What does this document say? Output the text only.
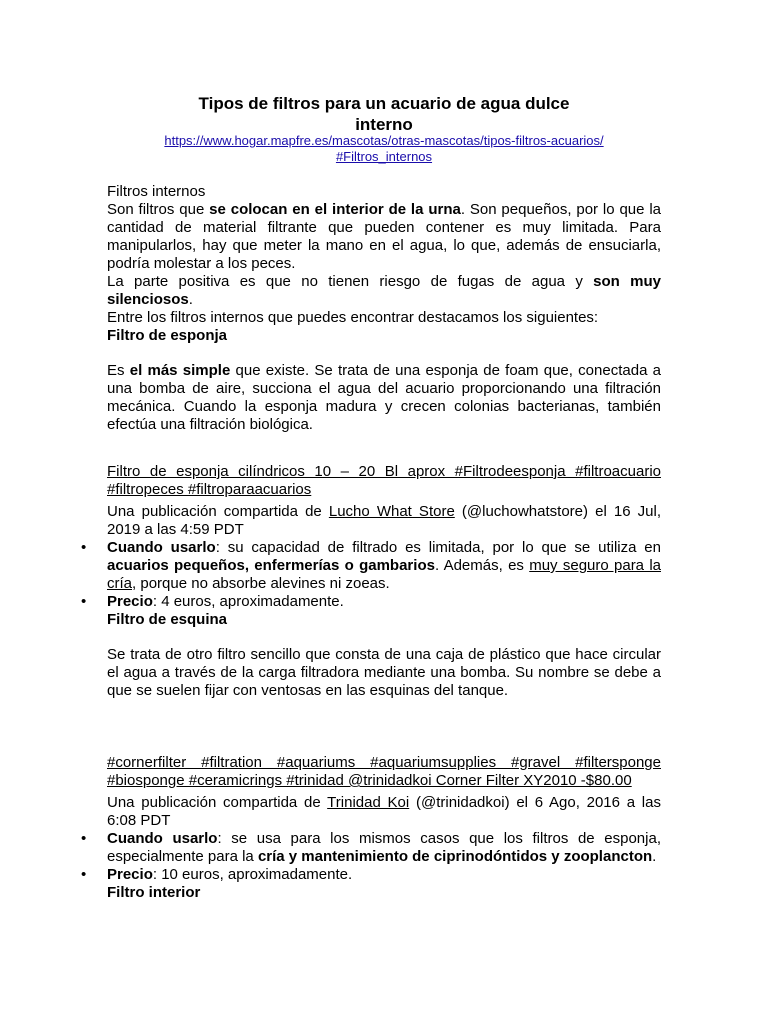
Tipos de filtros para un acuario de agua dulce
interno
https://www.hogar.mapfre.es/mascotas/otras-mascotas/tipos-filtros-acuarios/
#Filtros_internos

Filtros internos

Son filtros que se colocan en el interior de la urna. Son pequeños, por lo que la cantidad de material filtrante que pueden contener es muy limitada. Para manipularlos, hay que meter la mano en el agua, lo que, además de ensuciarla, podría molestar a los peces.

La parte positiva es que no tienen riesgo de fugas de agua y son muy silenciosos.

Entre los filtros internos que puedes encontrar destacamos los siguientes:

Filtro de esponja

Es el más simple que existe. Se trata de una esponja de foam que, conectada a una bomba de aire, succiona el agua del acuario proporcionando una filtración mecánica. Cuando la esponja madura y crecen colonias bacterianas, también efectúa una filtración biológica.

Filtro de esponja cilíndricos 10 – 20 Bl aprox #Filtrodeesponja #filtroacuario #filtropeces #filtroparaacuarios

Una publicación compartida de Lucho What Store (@luchowhatstore) el 16 Jul, 2019 a las 4:59 PDT

• Cuando usarlo: su capacidad de filtrado es limitada, por lo que se utiliza en acuarios pequeños, enfermerías o gambarios. Además, es muy seguro para la cría, porque no absorbe alevines ni zoeas.
• Precio: 4 euros, aproximadamente.

Filtro de esquina

Se trata de otro filtro sencillo que consta de una caja de plástico que hace circular el agua a través de la carga filtradora mediante una bomba. Su nombre se debe a que se suelen fijar con ventosas en las esquinas del tanque.

#cornerfilter #filtration #aquariums #aquariumsupplies #gravel #filtersponge #biosponge #ceramicrings #trinidad @trinidadkoi Corner Filter XY2010 -$80.00

Una publicación compartida de Trinidad Koi (@trinidadkoi) el 6 Ago, 2016 a las 6:08 PDT

• Cuando usarlo: se usa para los mismos casos que los filtros de esponja, especialmente para la cría y mantenimiento de ciprinodóntidos y zooplancton.
• Precio: 10 euros, aproximadamente.

Filtro interior
